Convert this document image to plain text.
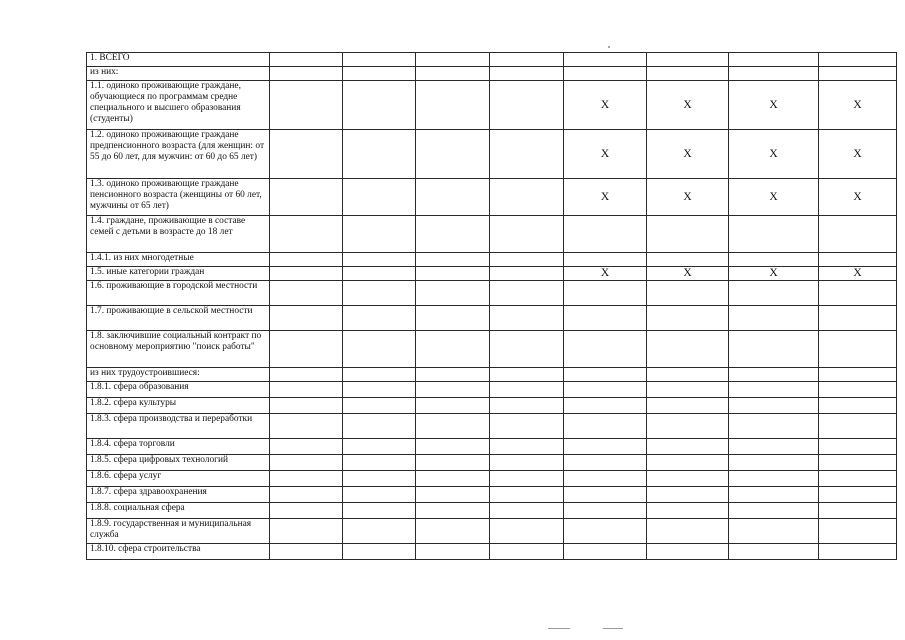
1. ВСЕГО								
из них:								
1.1. одиноко проживающие граждане, обучающиеся по программам средне специального и высшего образования (студенты)					X	X	X	X
1.2. одиноко проживающие граждане предпенсионного возраста (для женщин: от 55 до 60 лет, для мужчин: от 60 до 65 лет)					X	X	X	X
1.3. одиноко проживающие граждане пенсионного возраста (женщины от 60 лет, мужчины от 65 лет)					X	X	X	X
1.4. граждане, проживающие в составе семей с детьми в возрасте до 18 лет								
1.4.1. из них многодетные								
1.5. иные категории граждан					X	X	X	X
1.6. проживающие в городской местности								
1.7. проживающие в сельской местности								
1.8. заключившие социальный контракт по основному мероприятию "поиск работы"								
из них трудоустроившиеся:								
1.8.1. сфера образования								
1.8.2. сфера культуры								
1.8.3. сфера производства и переработки								
1.8.4. сфера торговли								
1.8.5. сфера цифровых технологий								
1.8.6. сфера услуг								
1.8.7. сфера здравоохранения								
1.8.8. социальная сфера								
1.8.9. государственная и муниципальная служба								
1.8.10. сфера строительства								
